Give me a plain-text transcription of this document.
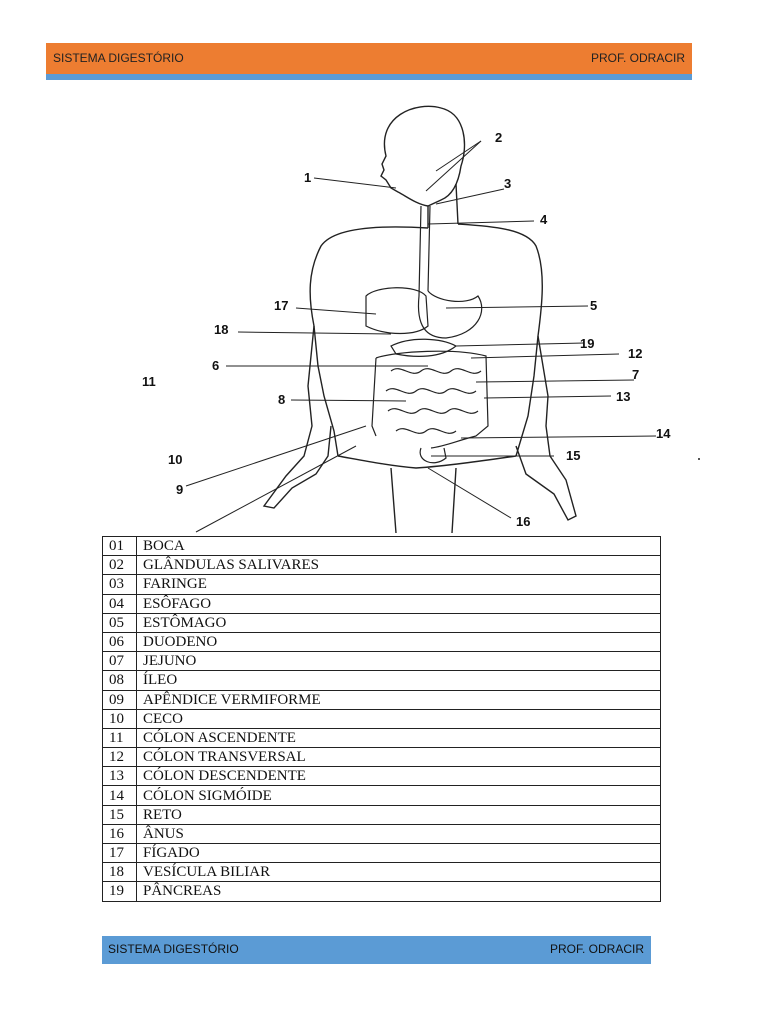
SISTEMA DIGESTÓRIO	PROF. ODRACIR
1
2
3
4
5
6
7
8
9
10
11
12
13
14
15
16
17
18
19
01	BOCA
02	GLÂNDULAS SALIVARES
03	FARINGE
04	ESÔFAGO
05	ESTÔMAGO
06	DUODENO
07	JEJUNO
08	ÍLEO
09	APÊNDICE VERMIFORME
10	CECO
11	CÓLON ASCENDENTE
12	CÓLON TRANSVERSAL
13	CÓLON DESCENDENTE
14	CÓLON SIGMÓIDE
15	RETO
16	ÂNUS
17	FÍGADO
18	VESÍCULA BILIAR
19	PÂNCREAS
SISTEMA DIGESTÓRIO	PROF. ODRACIR
